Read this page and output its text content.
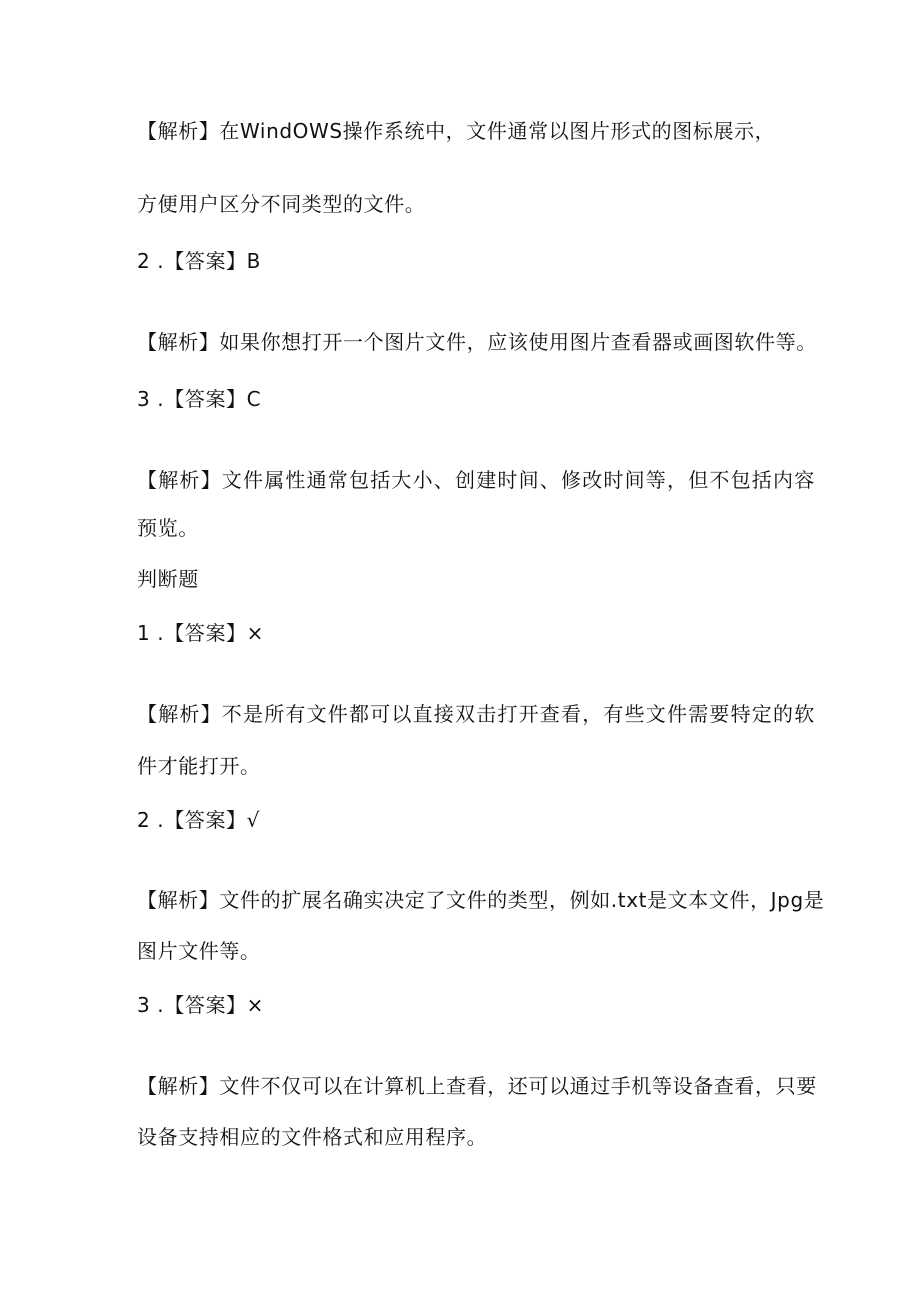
【解析】在WindOWS操作系统中，文件通常以图片形式的图标展示，
方便用户区分不同类型的文件。
2 .【答案】B
【解析】如果你想打开一个图片文件，应该使用图片查看器或画图软件等。
3 .【答案】C
【解析】文件属性通常包括大小、创建时间、修改时间等，但不包括内容
预览。
判断题
1 .【答案】×
【解析】不是所有文件都可以直接双击打开查看，有些文件需要特定的软
件才能打开。
2 .【答案】√
【解析】文件的扩展名确实决定了文件的类型，例如.txt是文本文件，Jpg是
图片文件等。
3 .【答案】×
【解析】文件不仅可以在计算机上查看，还可以通过手机等设备查看，只要
设备支持相应的文件格式和应用程序。
